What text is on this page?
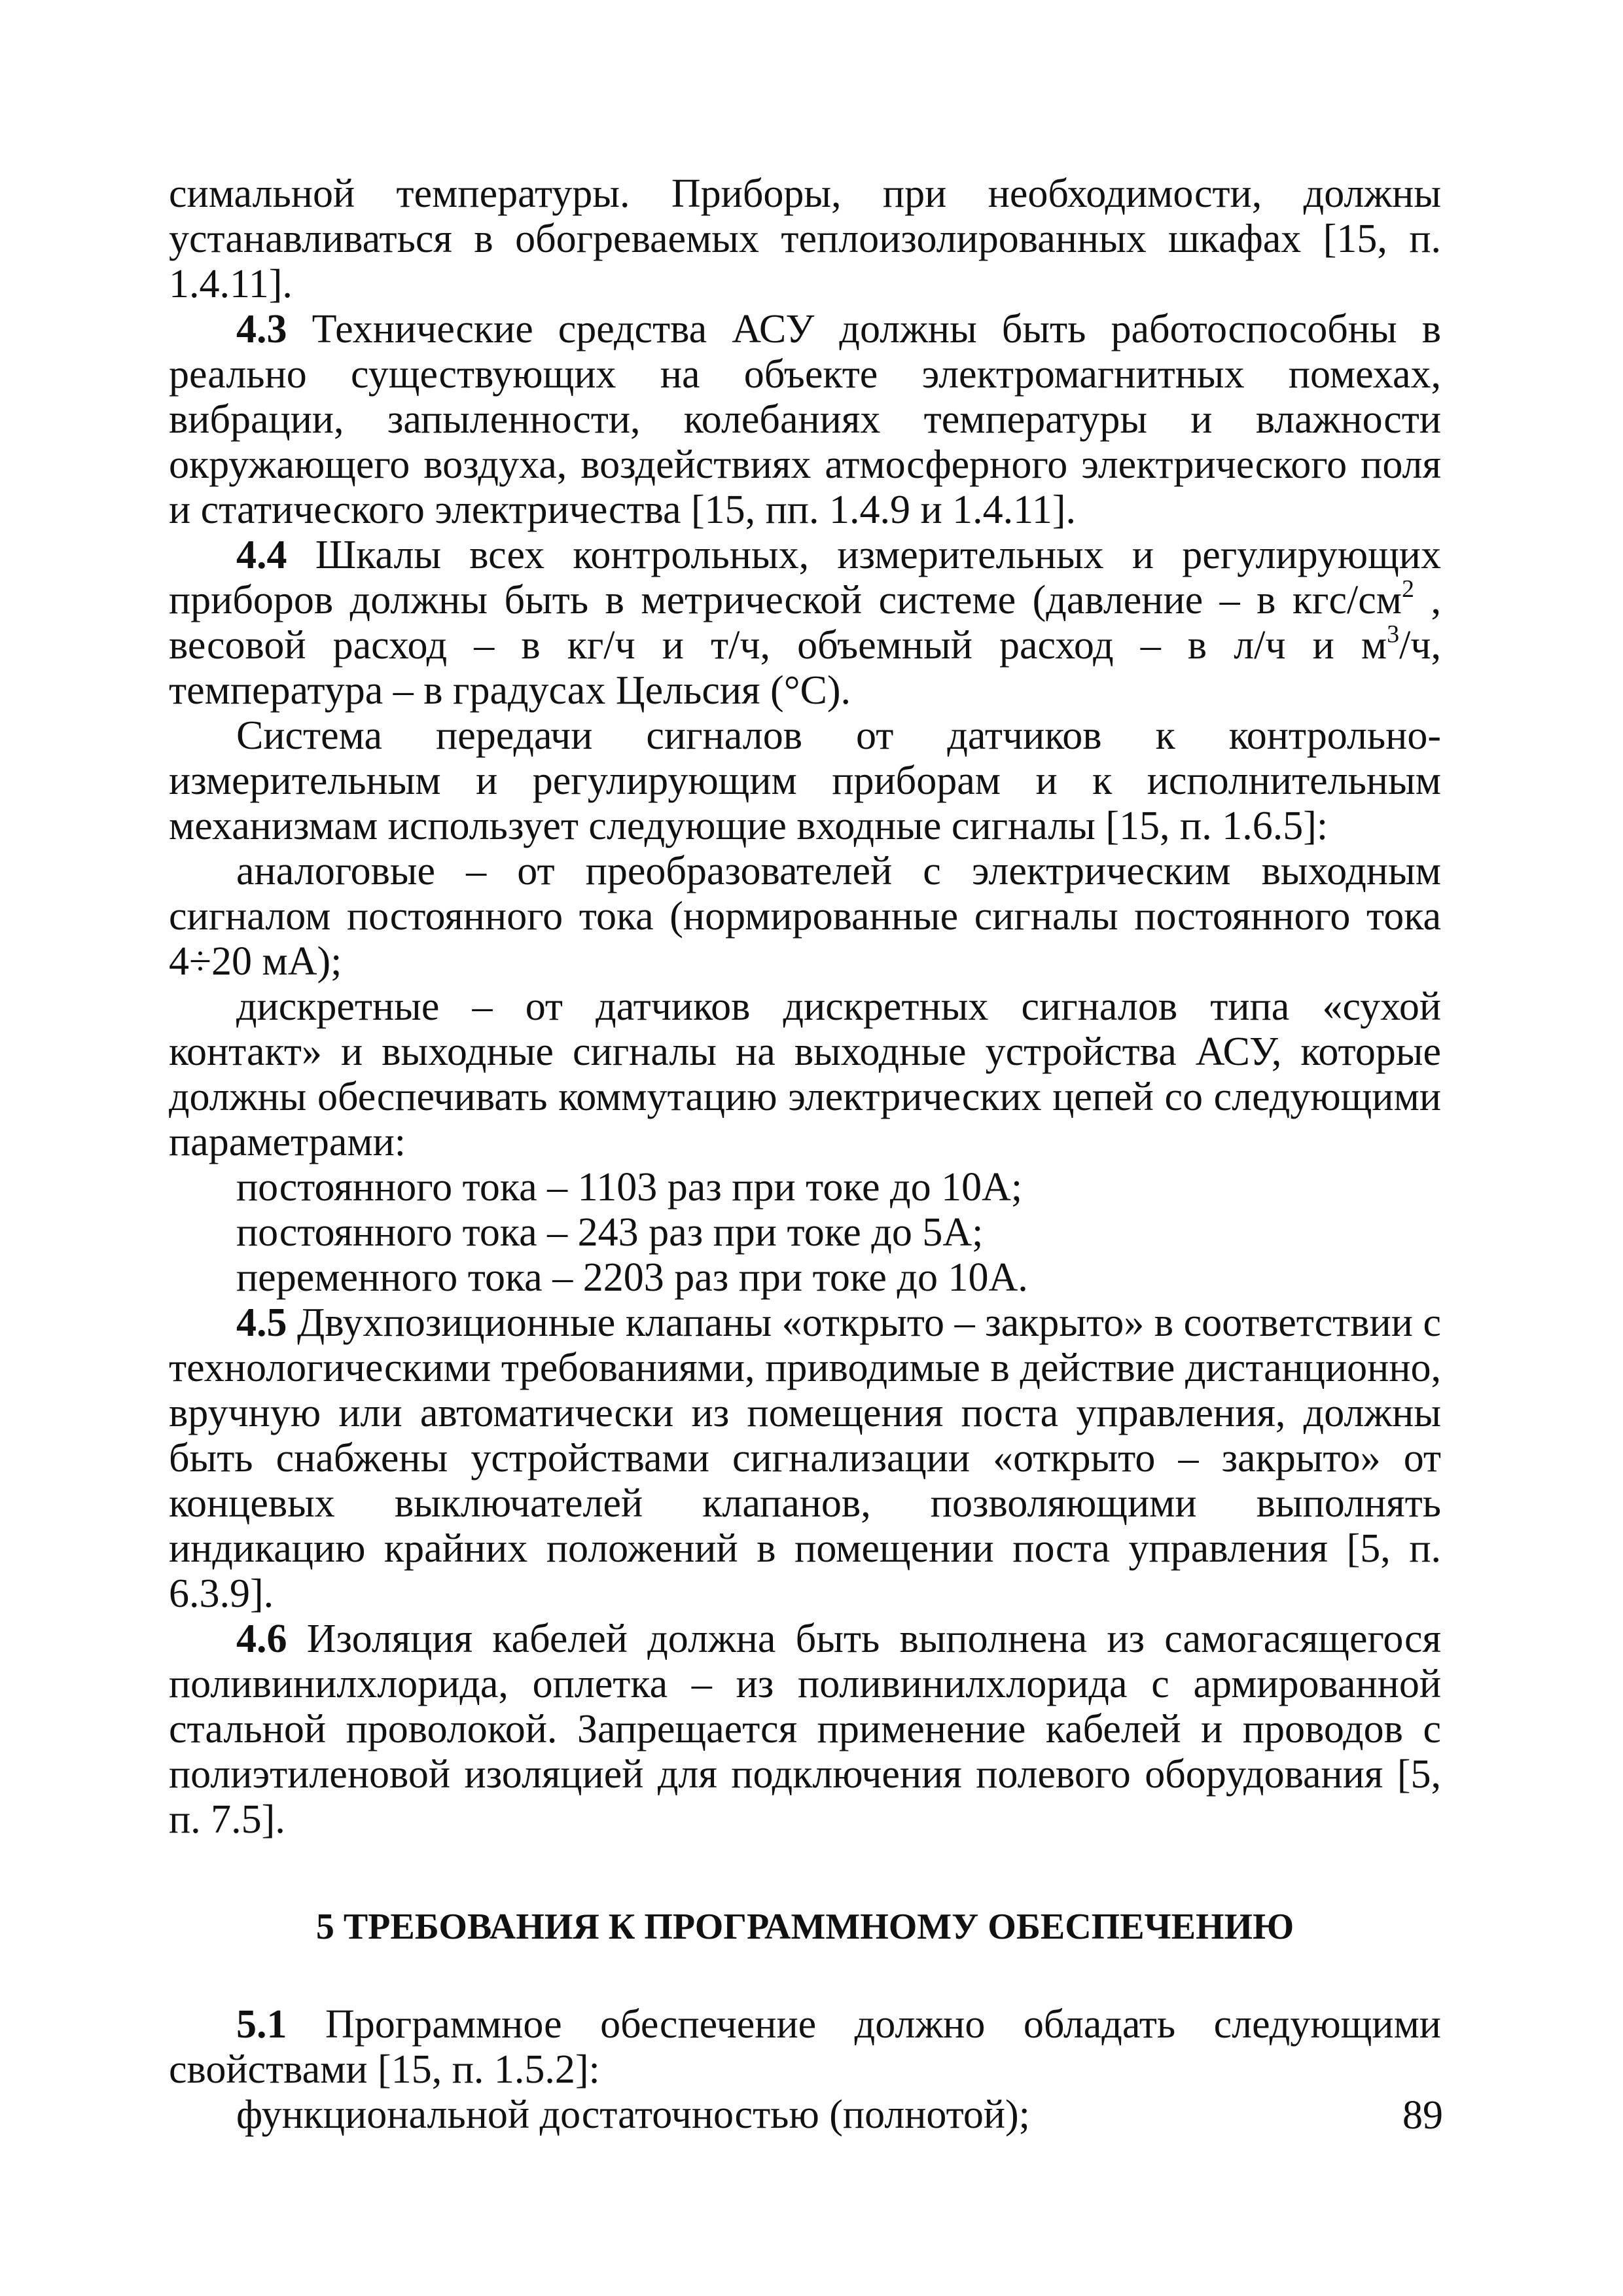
симальной температуры. Приборы, при необходимости, должны устанавливаться в обогреваемых теплоизолированных шкафах [15, п. 1.4.11].

4.3 Технические средства АСУ должны быть работоспособны в реально существующих на объекте электромагнитных помехах, вибрации, запыленности, колебаниях температуры и влажности окружающего воздуха, воздействиях атмосферного электрического поля и статического электричества [15, пп. 1.4.9 и 1.4.11].

4.4 Шкалы всех контрольных, измерительных и регулирующих приборов должны быть в метрической системе (давление – в кгс/$см^2$ , весовой расход – в кг/ч и т/ч, объемный расход – в л/ч и $м^3/ч$, температура – в градусах Цельсия (°С).

Система передачи сигналов от датчиков к контрольно-измерительным и регулирующим приборам и к исполнительным механизмам использует следующие входные сигналы [15, п. 1.6.5]:

аналоговые – от преобразователей с электрическим выходным сигналом постоянного тока (нормированные сигналы постоянного тока 4÷20 мА);

дискретные – от датчиков дискретных сигналов типа «сухой контакт» и выходные сигналы на выходные устройства АСУ, которые должны обеспечивать коммутацию электрических цепей со следующими параметрами:

постоянного тока – 1103 раз при токе до 10А;

постоянного тока – 243 раз при токе до 5А;

переменного тока – 2203 раз при токе до 10А.

4.5 Двухпозиционные клапаны «открыто – закрыто» в соответствии с технологическими требованиями, приводимые в действие дистанционно, вручную или автоматически из помещения поста управления, должны быть снабжены устройствами сигнализации «открыто – закрыто» от концевых выключателей клапанов, позволяющими выполнять индикацию крайних положений в помещении поста управления [5, п. 6.3.9].

4.6 Изоляция кабелей должна быть выполнена из самогасящегося поливинилхлорида, оплетка – из поливинилхлорида с армированной стальной проволокой. Запрещается применение кабелей и проводов с полиэтиленовой изоляцией для подключения полевого оборудования [5, п. 7.5].

5 ТРЕБОВАНИЯ К ПРОГРАММНОМУ ОБЕСПЕЧЕНИЮ

5.1 Программное обеспечение должно обладать следующими свойствами [15, п. 1.5.2]:

функциональной достаточностью (полнотой);	89
